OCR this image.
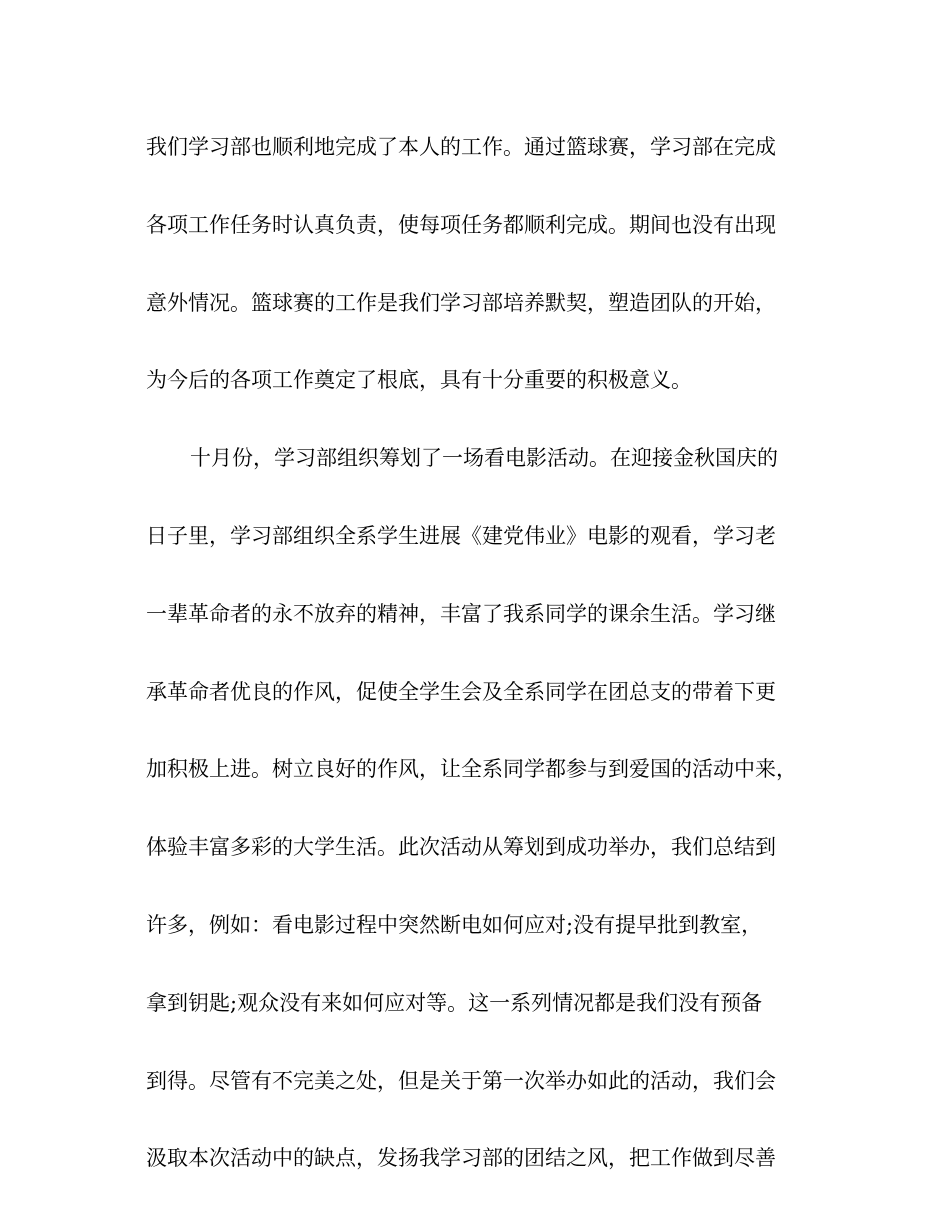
我们学习部也顺利地完成了本人的工作。通过篮球赛，学习部在完成
各项工作任务时认真负责，使每项任务都顺利完成。期间也没有出现
意外情况。篮球赛的工作是我们学习部培养默契，塑造团队的开始，
为今后的各项工作奠定了根底，具有十分重要的积极意义。
十月份，学习部组织筹划了一场看电影活动。在迎接金秋国庆的
日子里，学习部组织全系学生进展《建党伟业》电影的观看，学习老
一辈革命者的永不放弃的精神，丰富了我系同学的课余生活。学习继
承革命者优良的作风，促使全学生会及全系同学在团总支的带着下更
加积极上进。树立良好的作风，让全系同学都参与到爱国的活动中来，
体验丰富多彩的大学生活。此次活动从筹划到成功举办，我们总结到
许多，例如：看电影过程中突然断电如何应对;没有提早批到教室，
拿到钥匙;观众没有来如何应对等。这一系列情况都是我们没有预备
到得。尽管有不完美之处，但是关于第一次举办如此的活动，我们会
汲取本次活动中的缺点，发扬我学习部的团结之风，把工作做到尽善
